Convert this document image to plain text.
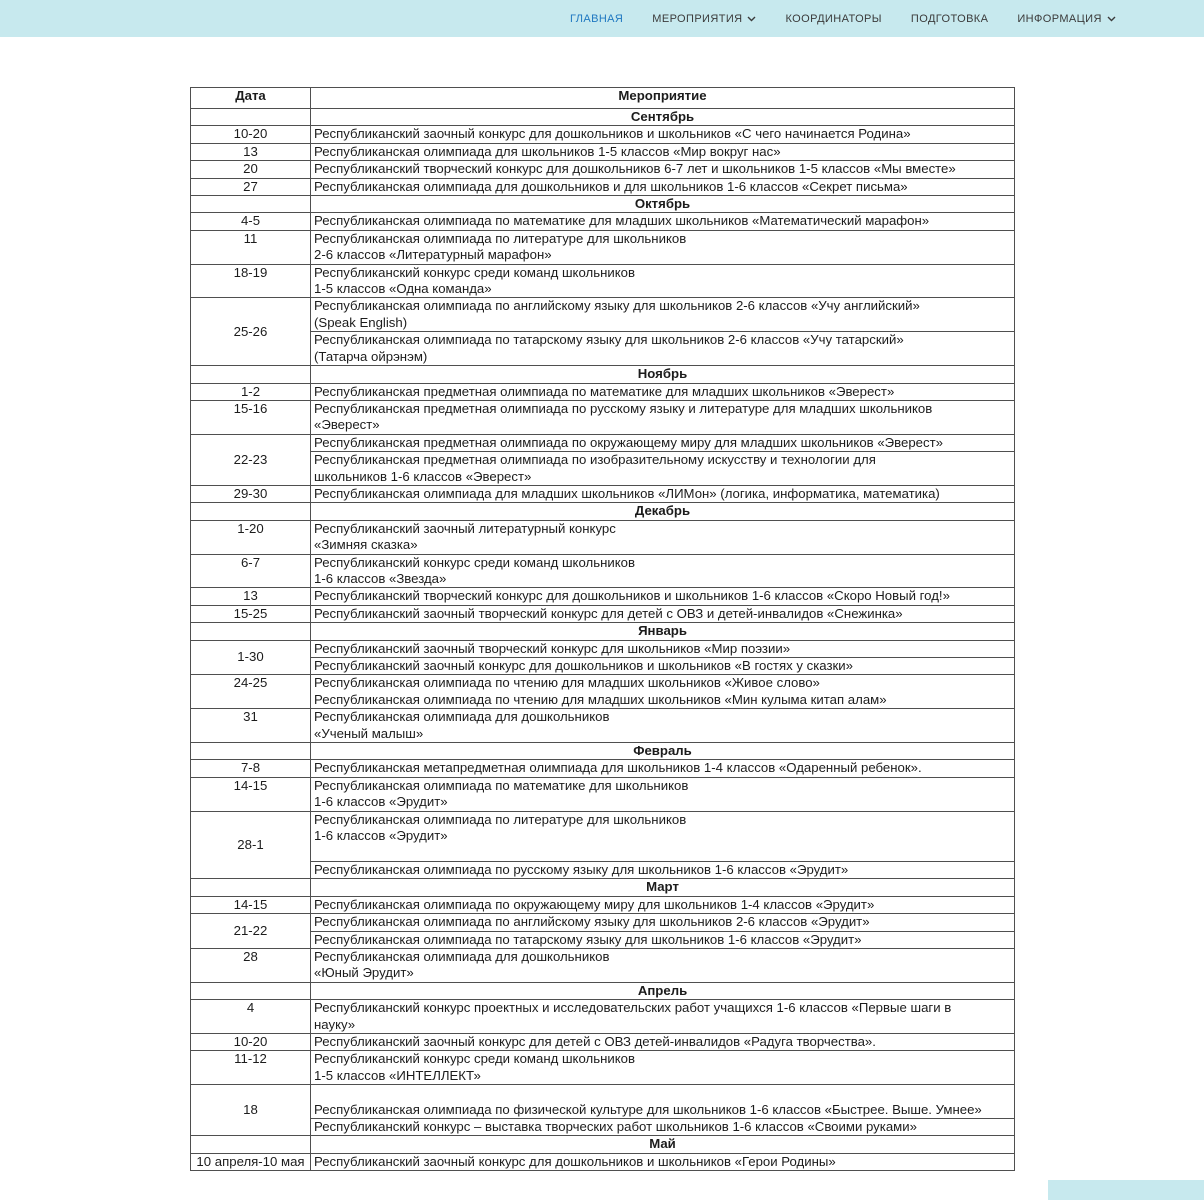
ГЛАВНАЯ	МЕРОПРИЯТИЯ	КООРДИНАТОРЫ	ПОДГОТОВКА	ИНФОРМАЦИЯ
Дата	Мероприятие
	Сентябрь
10-20	Республиканский заочный конкурс для дошкольников и школьников «С чего начинается Родина»

13	Республиканская олимпиада для школьников 1-5 классов «Мир вокруг нас»

20	Республиканский творческий конкурс для дошкольников 6-7 лет и школьников 1-5 классов «Мы вместе»

27	Республиканская олимпиада для дошкольников и для школьников 1-6 классов «Секрет письма»

	Октябрь
4-5	Республиканская олимпиада по математике для младших школьников «Математический марафон»

11	Республиканская олимпиада по литературе для школьников
2-6 классов «Литературный марафон»

18-19	Республиканский конкурс среди команд школьников
1-5 классов «Одна команда»

25-26	Республиканская олимпиада по английскому языку для школьников 2-6 классов «Учу английский»
(Speak English)

	Республиканская олимпиада по татарскому языку для школьников 2-6 классов «Учу татарский»
(Татарча ойрэнэм)

	Ноябрь
1-2	Республиканская предметная олимпиада по математике для младших школьников «Эверест»

15-16	Республиканская предметная олимпиада по русскому языку и литературе для младших школьников
«Эверест»

22-23	Республиканская предметная олимпиада по окружающему миру для младших школьников «Эверест»

	Республиканская предметная олимпиада по изобразительному искусству и технологии для
школьников 1-6 классов «Эверест»

29-30	Республиканская олимпиада для младших школьников «ЛИМон» (логика, информатика, математика)

	Декабрь
1-20	Республиканский заочный литературный конкурс
«Зимняя сказка»

6-7	Республиканский конкурс среди команд школьников
1-6 классов «Звезда»

13	Республиканский творческий конкурс для дошкольников и школьников 1-6 классов «Скоро Новый год!»

15-25	Республиканский заочный творческий конкурс для детей с ОВЗ и детей-инвалидов «Снежинка»

	Январь
1-30	Республиканский заочный творческий конкурс для школьников «Мир поэзии»

	Республиканский заочный конкурс для дошкольников и школьников «В гостях у сказки»

24-25	Республиканская олимпиада по чтению для младших школьников «Живое слово»
Республиканская олимпиада по чтению для младших школьников «Мин кулыма китап алам»

31	Республиканская олимпиада для дошкольников
«Ученый малыш»

	Февраль
7-8	Республиканская метапредметная олимпиада для школьников 1-4 классов «Одаренный ребенок».

14-15	Республиканская олимпиада по математике для школьников
1-6 классов «Эрудит»

28-1	Республиканская олимпиада по литературе для школьников
1-6 классов «Эрудит»

	Республиканская олимпиада по русскому языку для школьников 1-6 классов «Эрудит»

	Март
14-15	Республиканская олимпиада по окружающему миру для школьников 1-4 классов «Эрудит»

21-22	Республиканская олимпиада по английскому языку для школьников 2-6 классов «Эрудит»

	Республиканская олимпиада по татарскому языку для школьников 1-6 классов «Эрудит»

28	Республиканская олимпиада для дошкольников
«Юный Эрудит»

	Апрель
4	Республиканский конкурс проектных и исследовательских работ учащихся 1-6 классов «Первые шаги в
науку»

10-20	Республиканский заочный конкурс для детей с ОВЗ детей-инвалидов «Радуга творчества».

11-12	Республиканский конкурс среди команд школьников
1-5 классов «ИНТЕЛЛЕКТ»

18	Республиканская олимпиада по физической культуре для школьников 1-6 классов «Быстрее. Выше. Умнее»

	Республиканский конкурс – выставка творческих работ школьников 1-6 классов «Своими руками»

	Май
10 апреля-10 мая	Республиканский заочный конкурс для дошкольников и школьников «Герои Родины»
